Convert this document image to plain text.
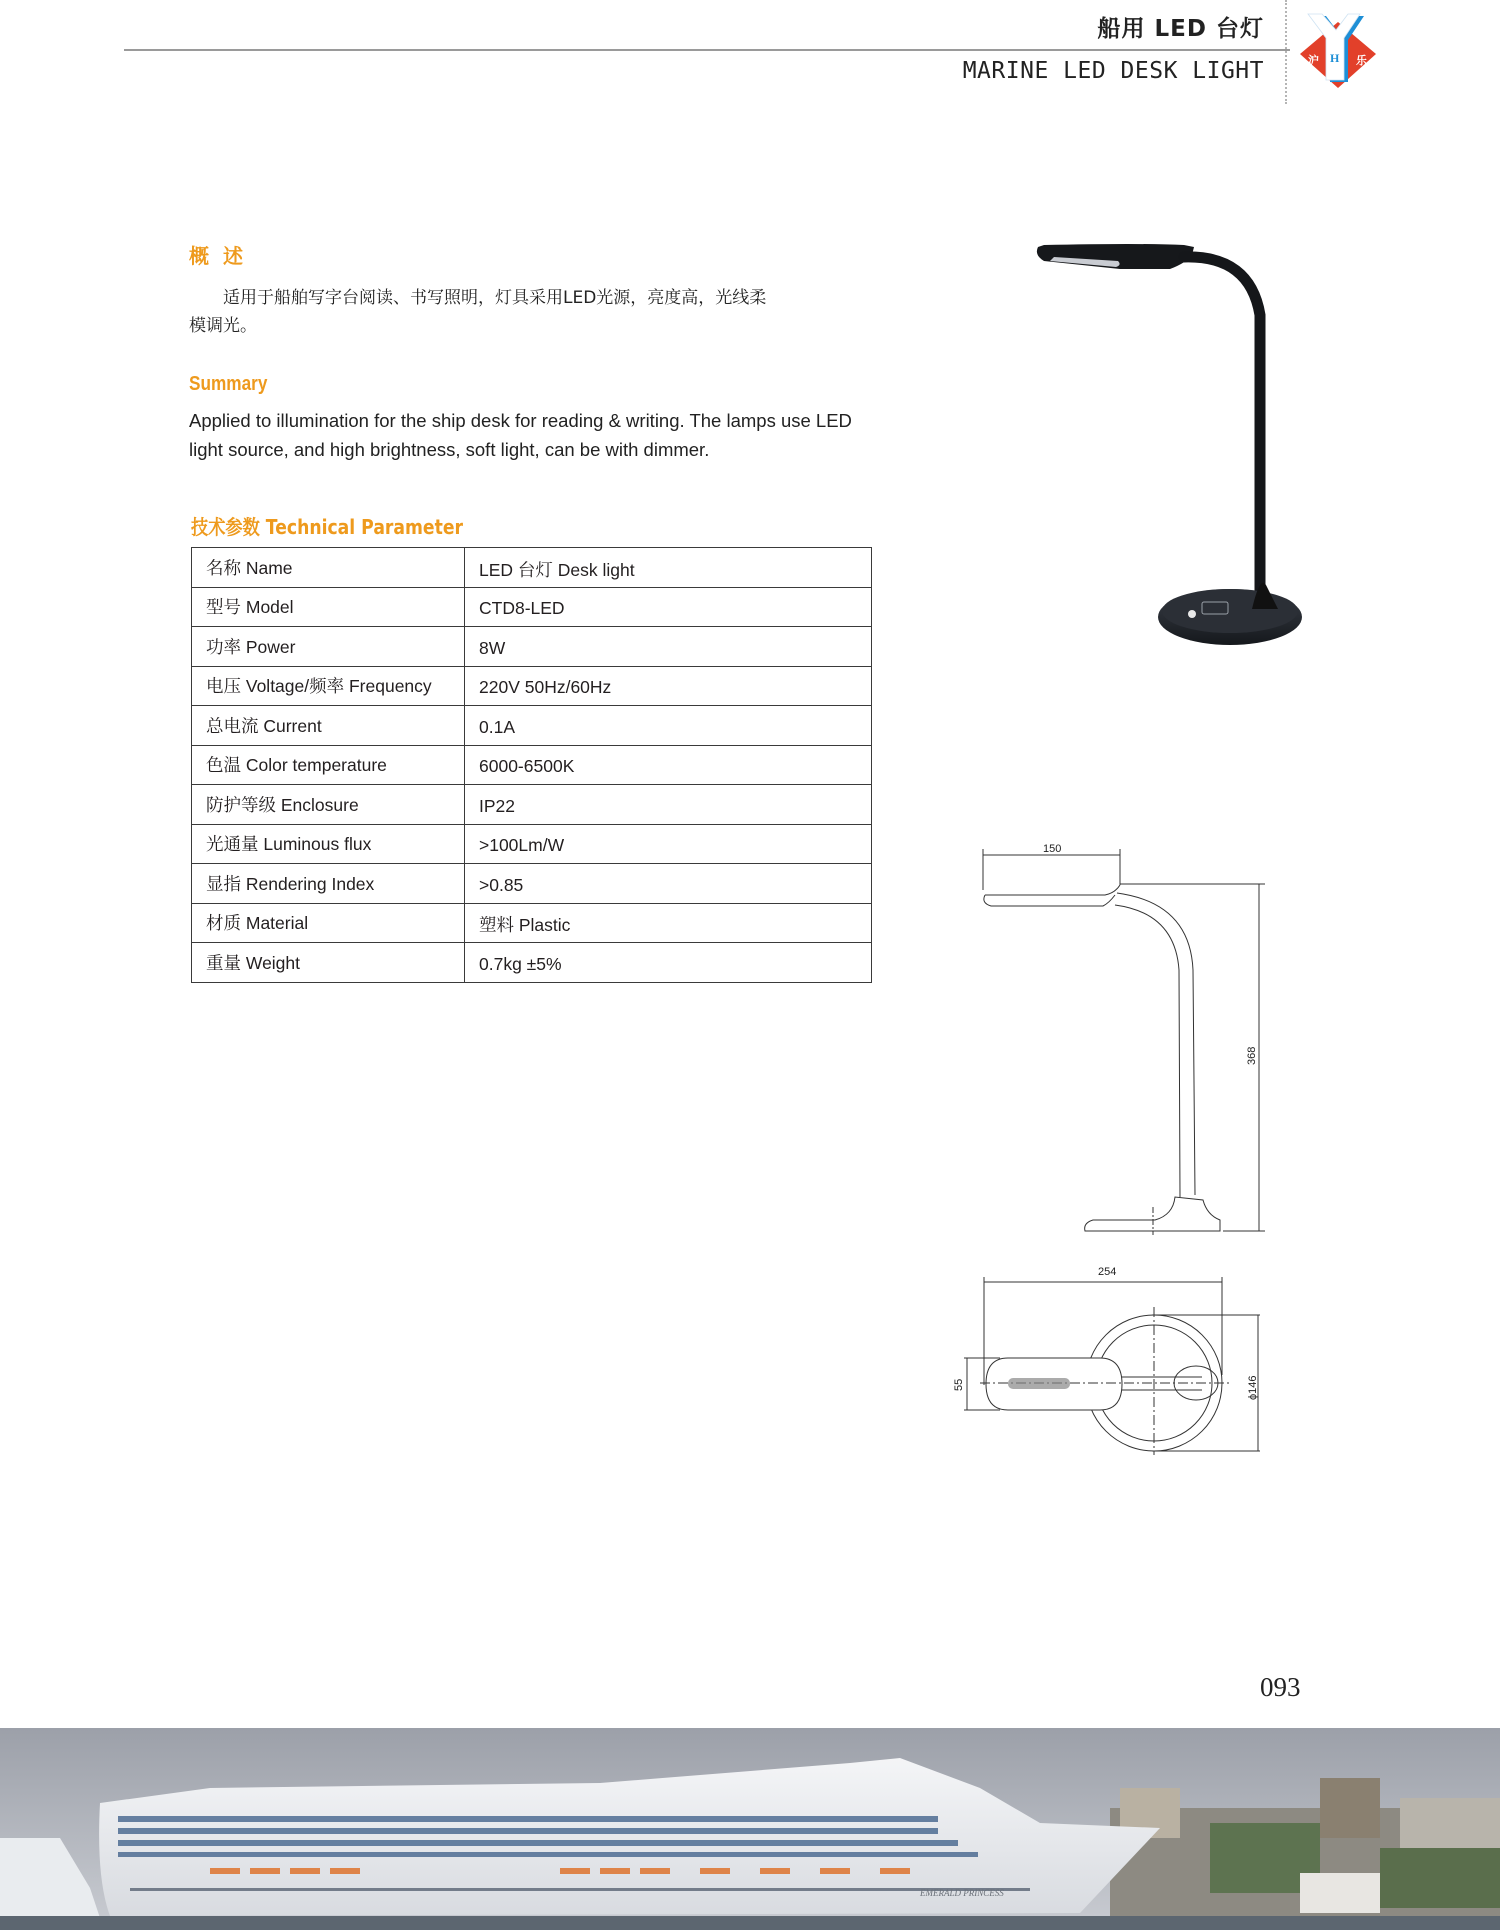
船用 LED 台灯
MARINE LED DESK LIGHT	H
沪	乐
概述
适用于船舶写字台阅读、书写照明，灯具采用LED光源，亮度高，光线柔
模调光。
Summary
Applied to illumination for the ship desk for reading & writing. The lamps use LED light source, and high brightness, soft light, can be with dimmer.
技术参数 Technical Parameter
名称 Name	LED 台灯 Desk light
型号 Model	CTD8-LED
功率 Power	8W
电压 Voltage/频率 Frequency	220V 50Hz/60Hz
总电流 Current	0.1A
色温 Color temperature	6000-6500K
防护等级 Enclosure	IP22
光通量 Luminous flux	>100Lm/W
显指 Rendering Index	>0.85
材质 Material	塑料 Plastic
重量 Weight	0.7kg ±5%
150
368
254
55	ϕ146
093
EMERALD PRINCESS
